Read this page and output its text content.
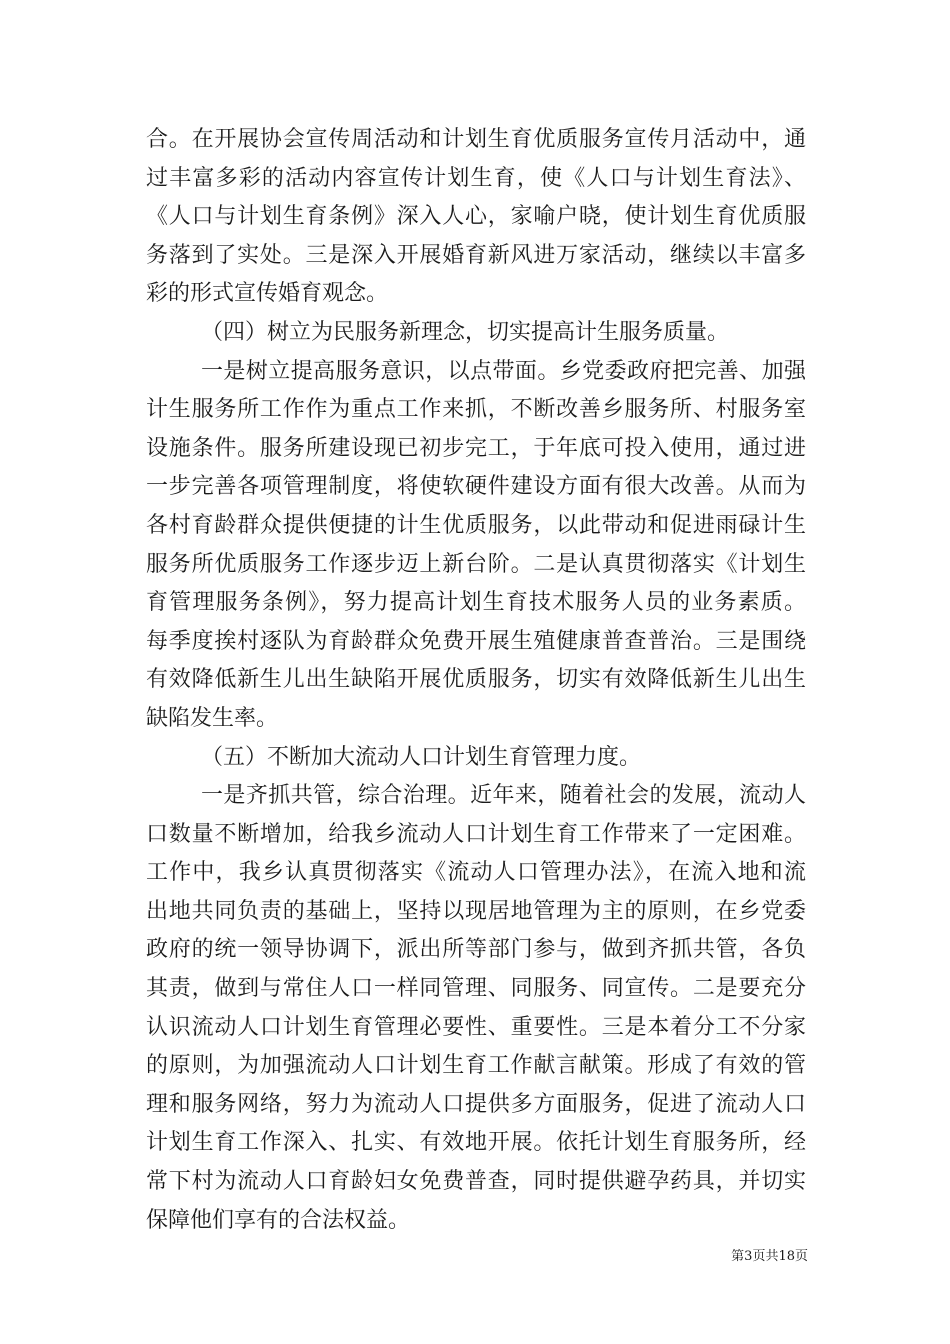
合。在开展协会宣传周活动和计划生育优质服务宣传月活动中，通
过丰富多彩的活动内容宣传计划生育，使《人口与计划生育法》、
《人口与计划生育条例》深入人心，家喻户晓，使计划生育优质服
务落到了实处。三是深入开展婚育新风进万家活动，继续以丰富多
彩的形式宣传婚育观念。
（四）树立为民服务新理念，切实提高计生服务质量。
一是树立提高服务意识，以点带面。乡党委政府把完善、加强
计生服务所工作作为重点工作来抓，不断改善乡服务所、村服务室
设施条件。服务所建设现已初步完工，于年底可投入使用，通过进
一步完善各项管理制度，将使软硬件建设方面有很大改善。从而为
各村育龄群众提供便捷的计生优质服务，以此带动和促进雨碌计生
服务所优质服务工作逐步迈上新台阶。二是认真贯彻落实《计划生
育管理服务条例》，努力提高计划生育技术服务人员的业务素质。
每季度挨村逐队为育龄群众免费开展生殖健康普查普治。三是围绕
有效降低新生儿出生缺陷开展优质服务，切实有效降低新生儿出生
缺陷发生率。
（五）不断加大流动人口计划生育管理力度。
一是齐抓共管，综合治理。近年来，随着社会的发展，流动人
口数量不断增加，给我乡流动人口计划生育工作带来了一定困难。
工作中，我乡认真贯彻落实《流动人口管理办法》，在流入地和流
出地共同负责的基础上，坚持以现居地管理为主的原则，在乡党委
政府的统一领导协调下，派出所等部门参与，做到齐抓共管，各负
其责，做到与常住人口一样同管理、同服务、同宣传。二是要充分
认识流动人口计划生育管理必要性、重要性。三是本着分工不分家
的原则，为加强流动人口计划生育工作献言献策。形成了有效的管
理和服务网络，努力为流动人口提供多方面服务，促进了流动人口
计划生育工作深入、扎实、有效地开展。依托计划生育服务所，经
常下村为流动人口育龄妇女免费普查，同时提供避孕药具，并切实
保障他们享有的合法权益。
第3页共18页
